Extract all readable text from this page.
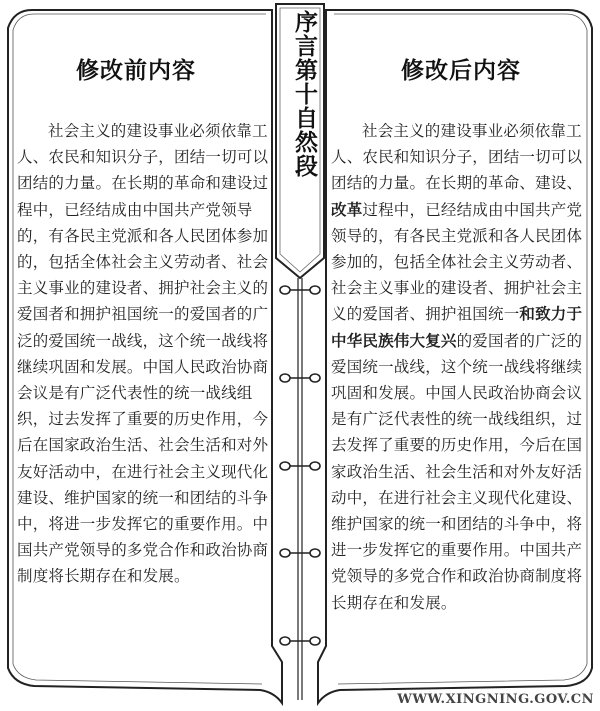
序言第十自然段
修改前内容	修改后内容

社会主义的建设事业必须依靠工人、农民和知识分子，团结一切可以团结的力量。在长期的革命和建设过程中，已经结成由中国共产党领导的，有各民主党派和各人民团体参加的，包括全体社会主义劳动者、社会主义事业的建设者、拥护社会主义的爱国者和拥护祖国统一的爱国者的广泛的爱国统一战线，这个统一战线将继续巩固和发展。中国人民政治协商会议是有广泛代表性的统一战线组织，过去发挥了重要的历史作用，今后在国家政治生活、社会生活和对外友好活动中，在进行社会主义现代化建设、维护国家的统一和团结的斗争中，将进一步发挥它的重要作用。中国共产党领导的多党合作和政治协商制度将长期存在和发展。

社会主义的建设事业必须依靠工人、农民和知识分子，团结一切可以团结的力量。在长期的革命、建设、改革过程中，已经结成由中国共产党领导的，有各民主党派和各人民团体参加的，包括全体社会主义劳动者、社会主义事业的建设者、拥护社会主义的爱国者、拥护祖国统一和致力于中华民族伟大复兴的爱国者的广泛的爱国统一战线，这个统一战线将继续巩固和发展。中国人民政治协商会议是有广泛代表性的统一战线组织，过去发挥了重要的历史作用，今后在国家政治生活、社会生活和对外友好活动中，在进行社会主义现代化建设、维护国家的统一和团结的斗争中，将进一步发挥它的重要作用。中国共产党领导的多党合作和政治协商制度将长期存在和发展。

WWW.XINGNING.GOV.CN
